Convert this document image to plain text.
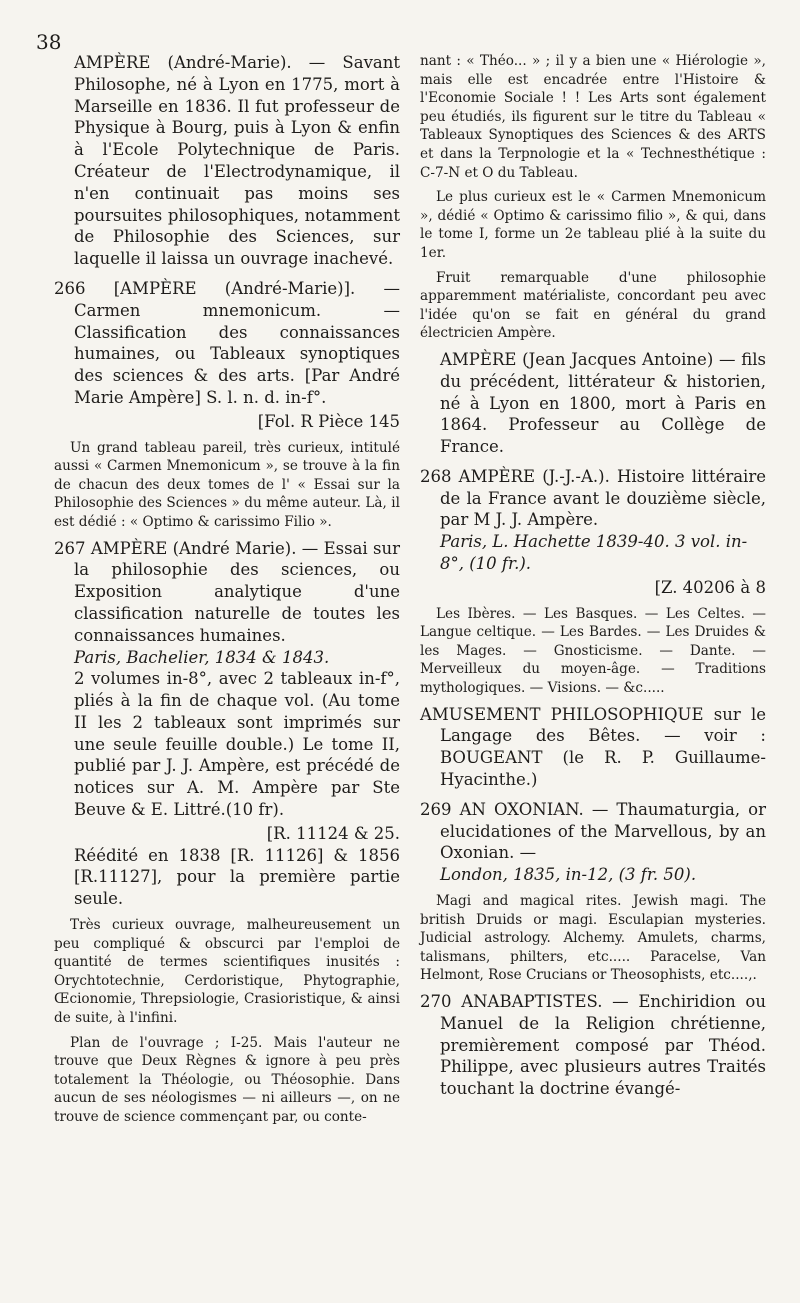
38

AMPÈRE (André-Marie). — Savant Philosophe, né à Lyon en 1775, mort à Marseille en 1836. Il fut professeur de Physique à Bourg, puis à Lyon & enfin à l'Ecole Polytechnique de Paris. Créateur de l'Electrodynamique, il n'en continuait pas moins ses poursuites philosophiques, notamment de Philosophie des Sciences, sur laquelle il laissa un ouvrage inachevé.

266 [AMPÈRE (André-Marie)]. — Carmen mnemonicum. — Classification des connaissances humaines, ou Tableaux synoptiques des sciences & des arts. [Par André Marie Ampère] S. l. n. d. in-f°.

[Fol. R Pièce 145

Un grand tableau pareil, très curieux, intitulé aussi « Carmen Mnemonicum », se trouve à la fin de chacun des deux tomes de l' « Essai sur la Philosophie des Sciences » du même auteur. Là, il est dédié : « Optimo & carissimo Filio ».

267 AMPÈRE (André Marie). — Essai sur la philosophie des sciences, ou Exposition analytique d'une classification naturelle de toutes les connaissances humaines.

Paris, Bachelier, 1834 & 1843.

2 volumes in-8°, avec 2 tableaux in-f°, pliés à la fin de chaque vol. (Au tome II les 2 tableaux sont imprimés sur une seule feuille double.) Le tome II, publié par J. J. Ampère, est précédé de notices sur A. M. Ampère par Ste Beuve & E. Littré.(10 fr).

[R. 11124 & 25.

Réédité en 1838 [R. 11126] & 1856 [R.11127], pour la première partie seule.

Très curieux ouvrage, malheureusement un peu compliqué & obscurci par l'emploi de quantité de termes scientifiques inusités : Orychtotechnie, Cerdoristique, Phytographie, Œcionomie, Threpsiologie, Crasioristique, & ainsi de suite, à l'infini.

Plan de l'ouvrage ; I-25. Mais l'auteur ne trouve que Deux Règnes & ignore à peu près totalement la Théologie, ou Théosophie. Dans aucun de ses néologismes — ni ailleurs —, on ne trouve de science commençant par, ou conte-

nant : « Théo... » ; il y a bien une « Hiérologie », mais elle est encadrée entre l'Histoire & l'Economie Sociale ! ! Les Arts sont également peu étudiés, ils figurent sur le titre du Tableau « Tableaux Synoptiques des Sciences & des ARTS et dans la Terpnologie et la « Technesthétique : C-7-N et O du Tableau.

Le plus curieux est le « Carmen Mnemonicum », dédié « Optimo & carissimo filio », & qui, dans le tome I, forme un 2e tableau plié à la suite du 1er.

Fruit remarquable d'une philosophie apparemment matérialiste, concordant peu avec l'idée qu'on se fait en général du grand électricien Ampère.

AMPÈRE (Jean Jacques Antoine) — fils du précédent, littérateur & historien, né à Lyon en 1800, mort à Paris en 1864. Professeur au Collège de France.

268 AMPÈRE (J.-J.-A.). Histoire littéraire de la France avant le douzième siècle, par M J. J. Ampère.

Paris, L. Hachette 1839-40. 3 vol. in-8°, (10 fr.).

[Z. 40206 à 8

Les Ibères. — Les Basques. — Les Celtes. — Langue celtique. — Les Bardes. — Les Druides & les Mages. — Gnosticisme. — Dante. — Merveilleux du moyen-âge. — Traditions mythologiques. — Visions. — &c.....

AMUSEMENT PHILOSOPHIQUE sur le Langage des Bêtes. — voir : BOUGEANT (le R. P. Guillaume-Hyacinthe.)

269 AN OXONIAN. — Thaumaturgia, or elucidationes of the Marvellous, by an Oxonian. —

London, 1835, in-12, (3 fr. 50).

Magi and magical rites. Jewish magi. The british Druids or magi. Esculapian mysteries. Judicial astrology. Alchemy. Amulets, charms, talismans, philters, etc..... Paracelse, Van Helmont, Rose Crucians or Theosophists, etc....,.

270 ANABAPTISTES. — Enchiridion ou Manuel de la Religion chrétienne, premièrement composé par Théod. Philippe, avec plusieurs autres Traités touchant la doctrine évangé-
